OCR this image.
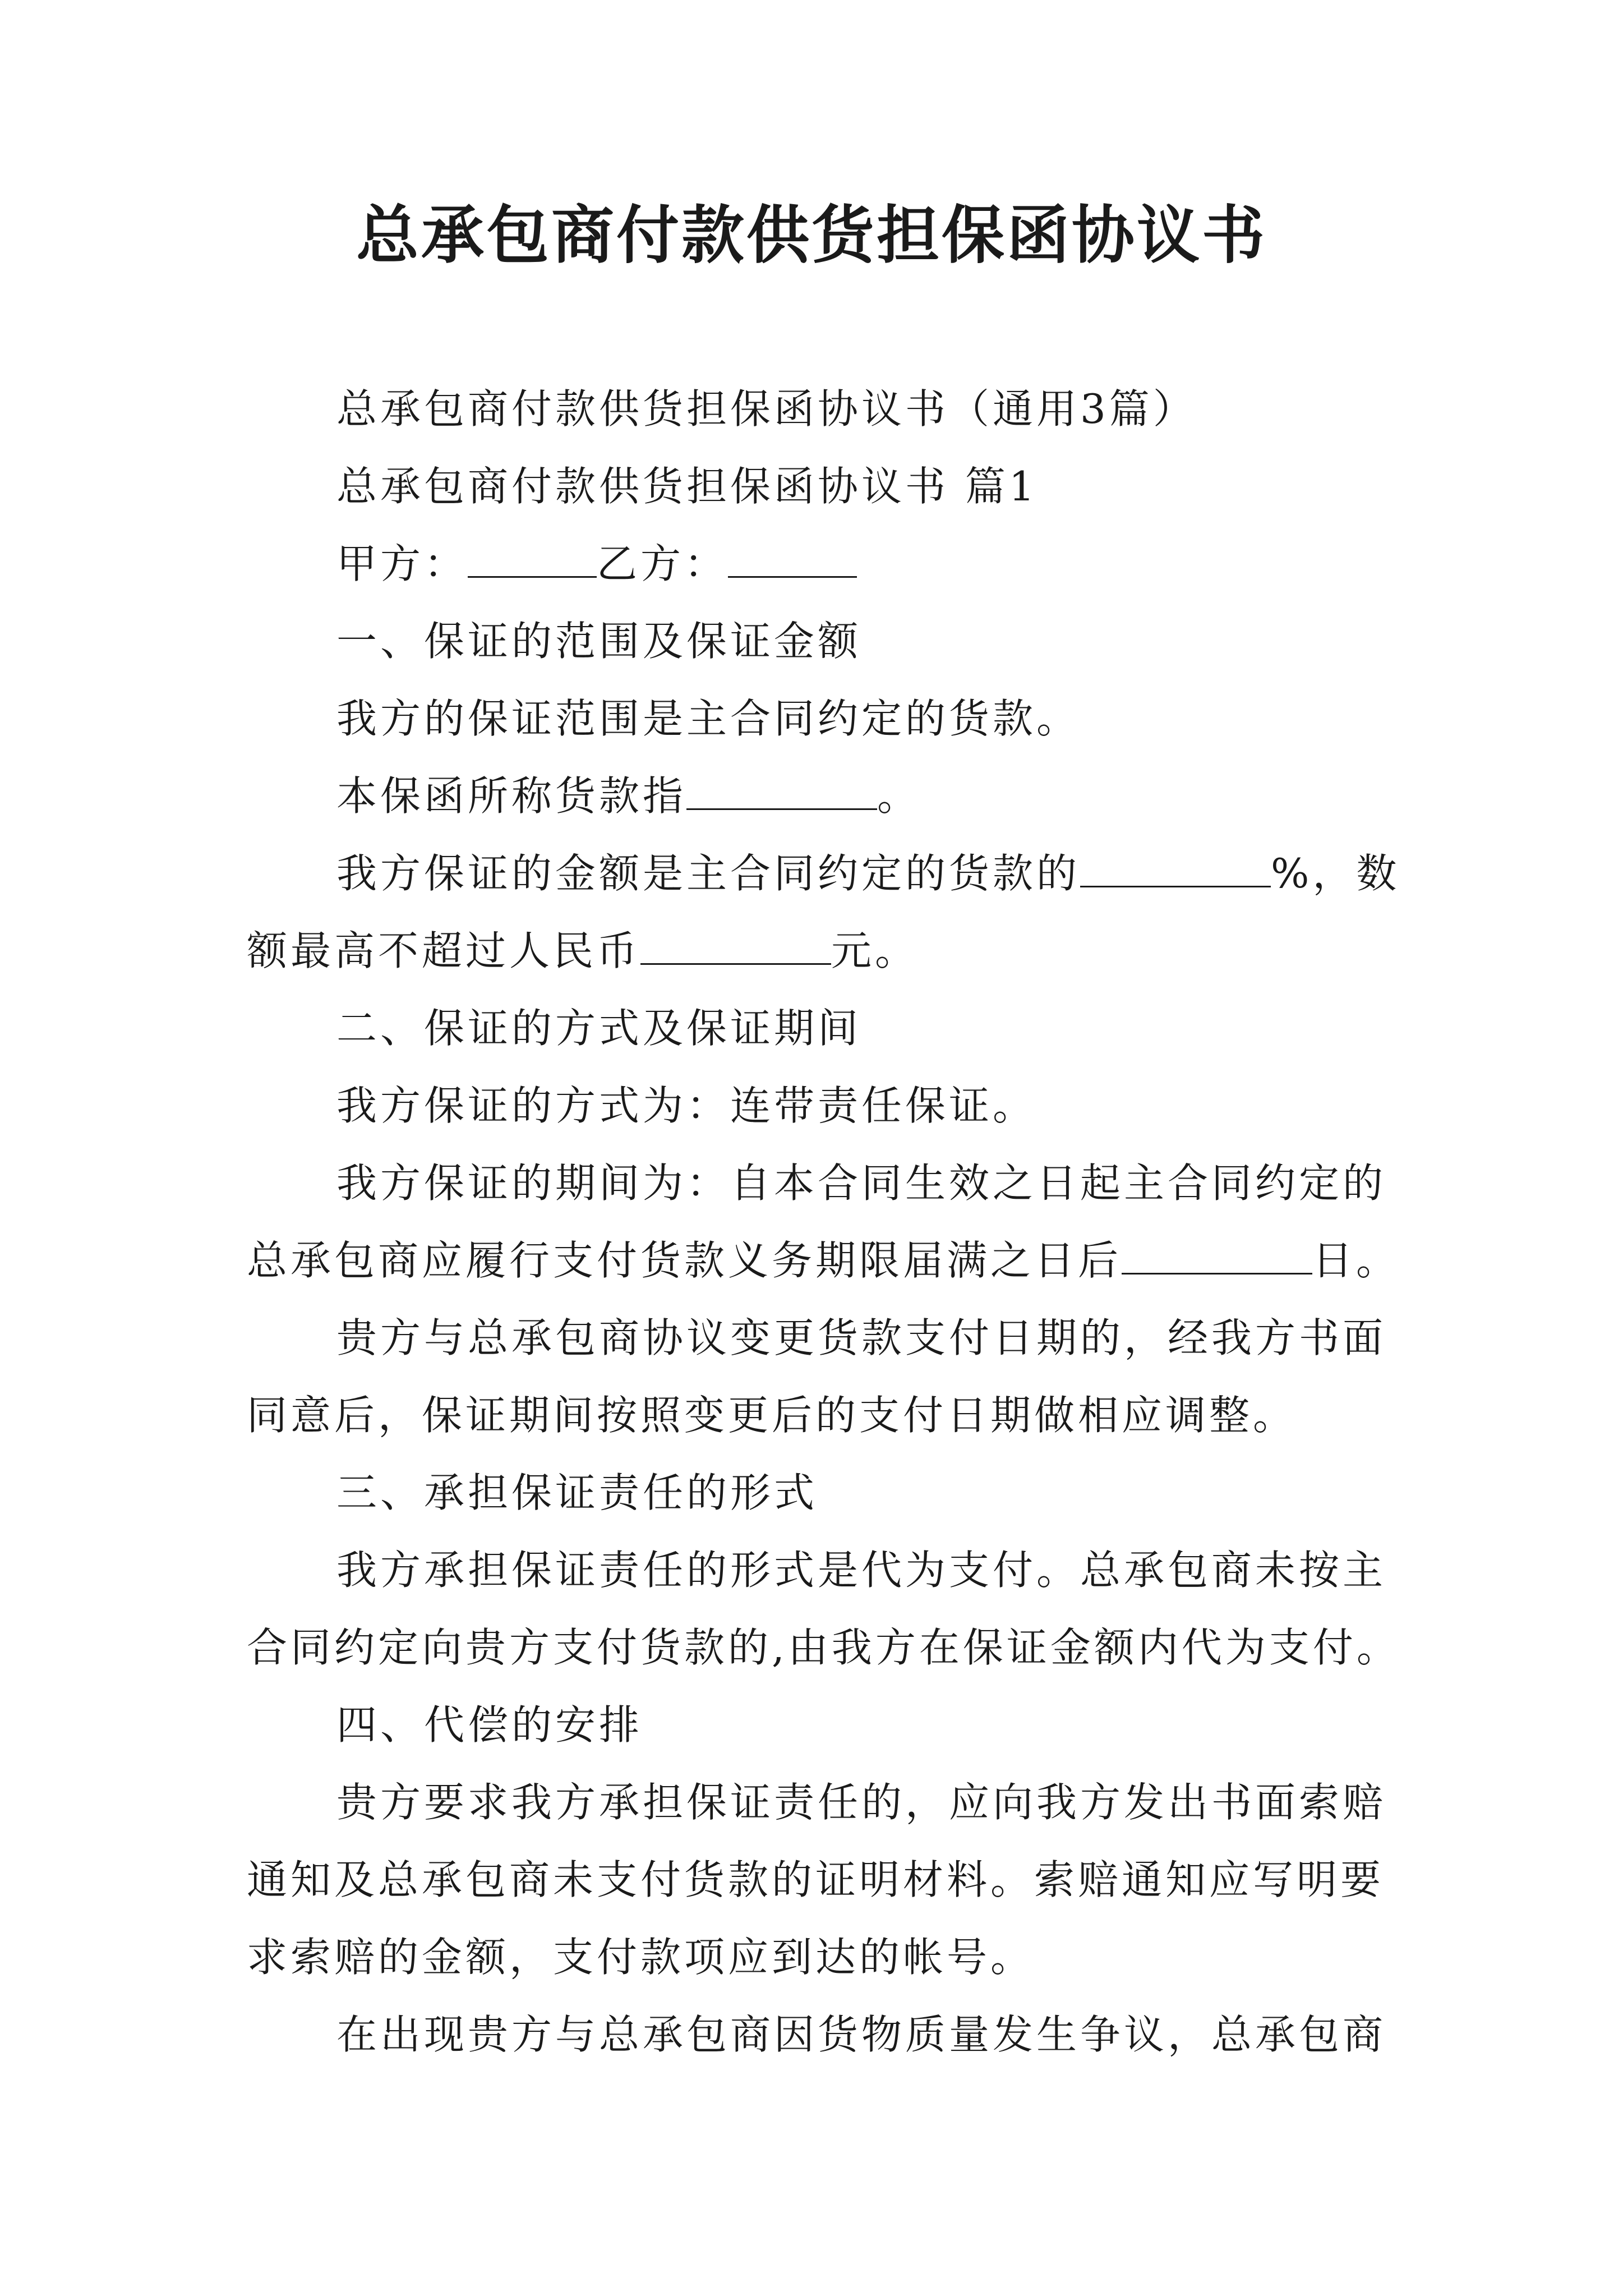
总承包商付款供货担保函协议书

总承包商付款供货担保函协议书（通用3篇）

总承包商付款供货担保函协议书 篇1

甲方：	乙方：

一、保证的范围及保证金额

我方的保证范围是主合同约定的货款。

本保函所称货款指	。

我方保证的金额是主合同约定的货款的	%，数

额最高不超过人民币	元。

二、保证的方式及保证期间

我方保证的方式为：连带责任保证。

我方保证的期间为：自本合同生效之日起主合同约定的

总承包商应履行支付货款义务期限届满之日后	日。

贵方与总承包商协议变更货款支付日期的，经我方书面

同意后，保证期间按照变更后的支付日期做相应调整。

三、承担保证责任的形式

我方承担保证责任的形式是代为支付。总承包商未按主

合同约定向贵方支付货款的,由我方在保证金额内代为支付。

四、代偿的安排

贵方要求我方承担保证责任的，应向我方发出书面索赔

通知及总承包商未支付货款的证明材料。索赔通知应写明要

求索赔的金额，支付款项应到达的帐号。

在出现贵方与总承包商因货物质量发生争议，总承包商
